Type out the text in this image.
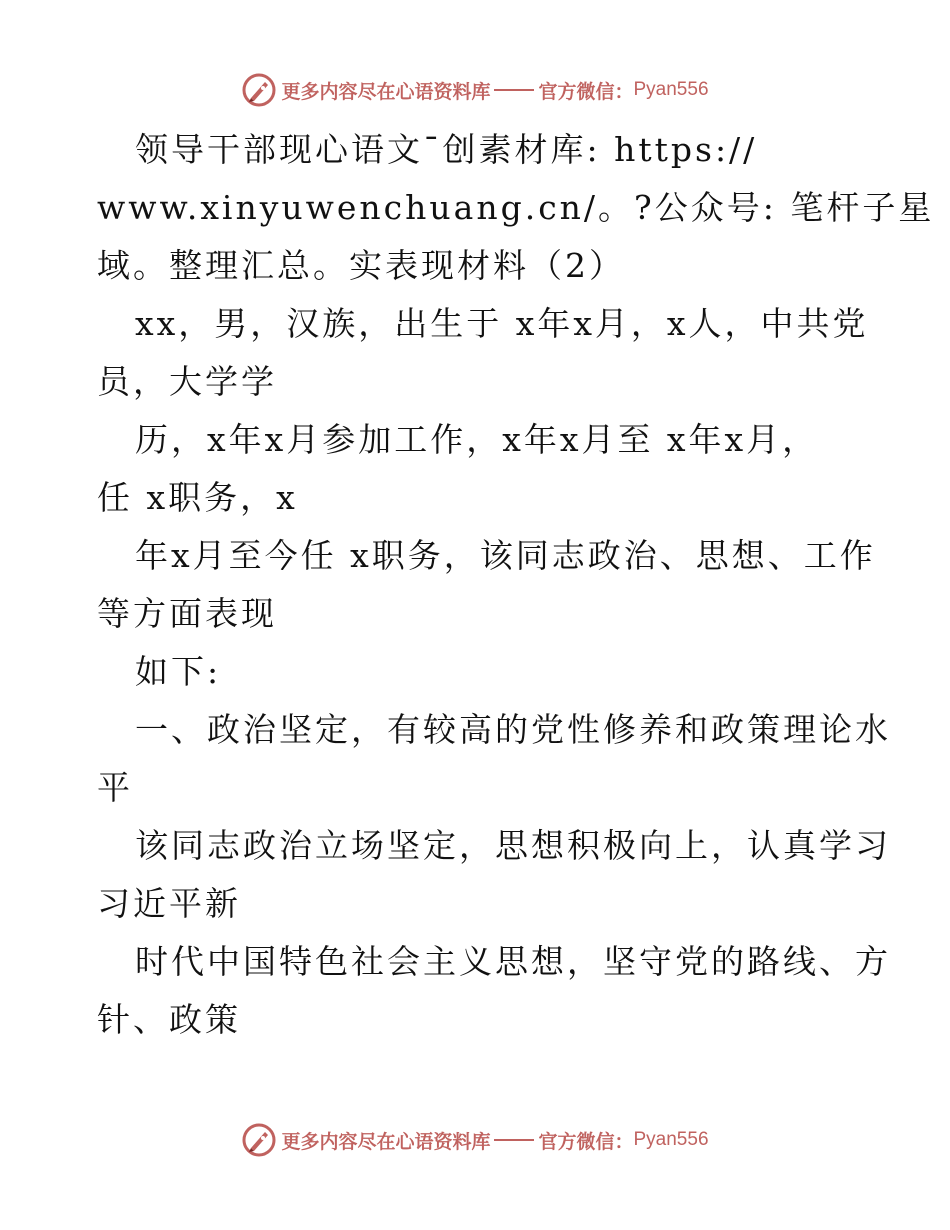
更多内容尽在心语资料库	官方微信： Pyan556
领导干部现心语文¯创素材库: https://
www.xinyuwenchuang.cn/。?公众号: 笔杆子星
域。整理汇总。实表现材料（2）
xx，男，汉族，出生于 x年x月，x人，中共党
员，大学学
历，x年x月参加工作，x年x月至 x年x月，
任 x职务，x
年x月至今任 x职务，该同志政治、思想、工作
等方面表现
如下:
一、政治坚定，有较高的党性修养和政策理论水
平
该同志政治立场坚定，思想积极向上，认真学习
习近平新
时代中国特色社会主义思想，坚守党的路线、方
针、政策
更多内容尽在心语资料库	官方微信： Pyan556
